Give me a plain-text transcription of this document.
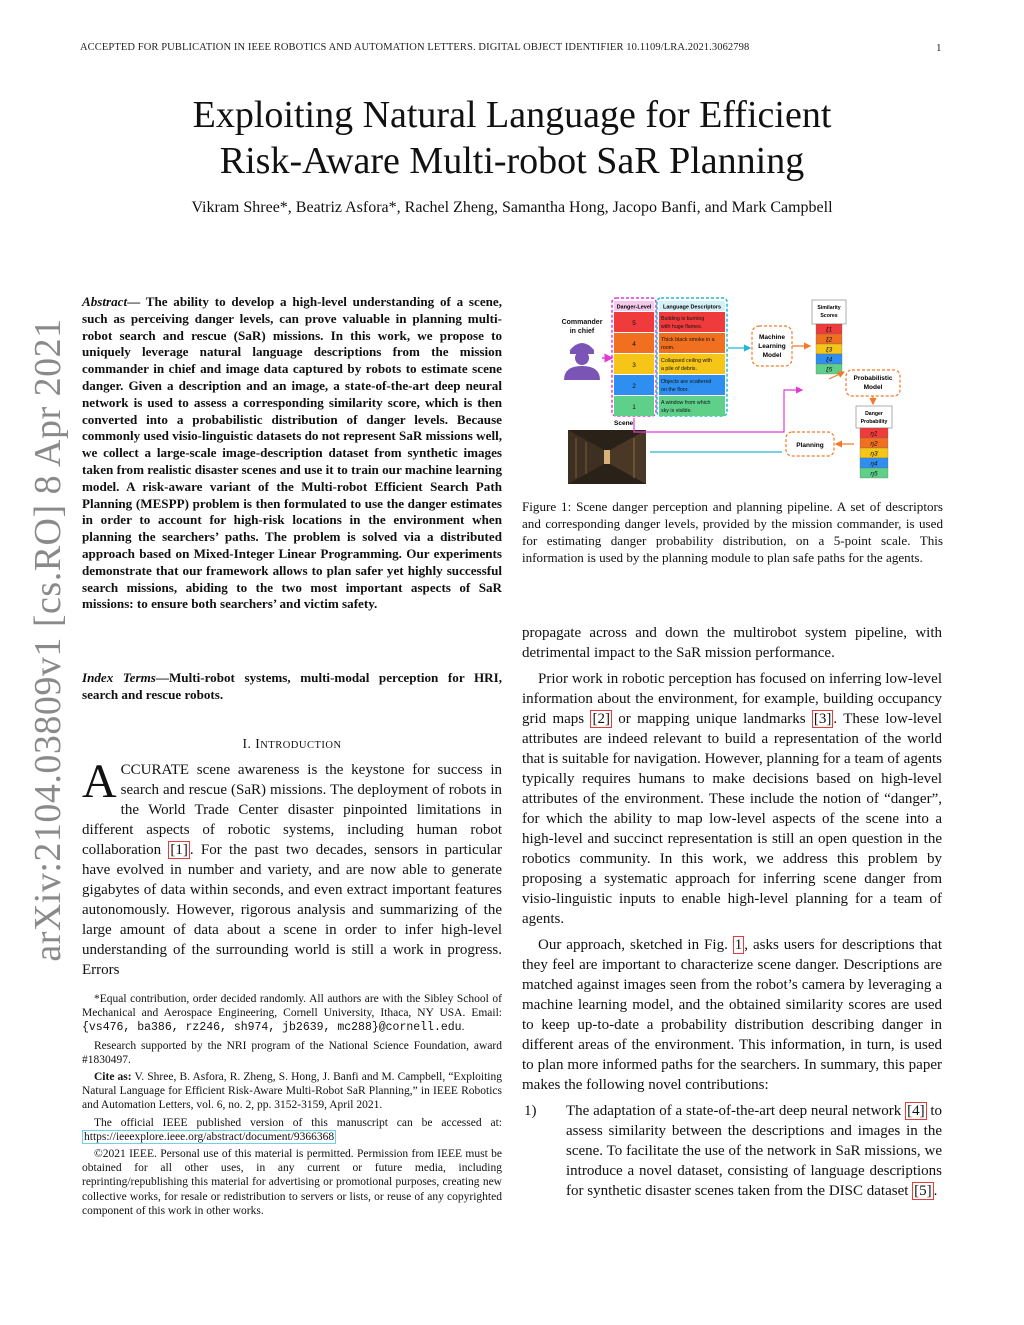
ACCEPTED FOR PUBLICATION IN IEEE ROBOTICS AND AUTOMATION LETTERS. DIGITAL OBJECT IDENTIFIER 10.1109/LRA.2021.3062798	1
Exploiting Natural Language for Efficient
Risk-Aware Multi-robot SaR Planning
Vikram Shree*, Beatriz Asfora*, Rachel Zheng, Samantha Hong, Jacopo Banfi, and Mark Campbell
arXiv:2104.03809v1 [cs.RO] 8 Apr 2021
Abstract— The ability to develop a high-level understanding of a scene, such as perceiving danger levels, can prove valuable in planning multi-robot search and rescue (SaR) missions. In this work, we propose to uniquely leverage natural language descriptions from the mission commander in chief and image data captured by robots to estimate scene danger. Given a description and an image, a state-of-the-art deep neural network is used to assess a corresponding similarity score, which is then converted into a probabilistic distribution of danger levels. Because commonly used visio-linguistic datasets do not represent SaR missions well, we collect a large-scale image-description dataset from synthetic images taken from realistic disaster scenes and use it to train our machine learning model. A risk-aware variant of the Multi-robot Efficient Search Path Planning (MESPP) problem is then formulated to use the danger estimates in order to account for high-risk locations in the environment when planning the searchers’ paths. The problem is solved via a distributed approach based on Mixed-Integer Linear Programming. Our experiments demonstrate that our framework allows to plan safer yet highly successful search missions, abiding to the two most important aspects of SaR missions: to ensure both searchers’ and victim safety.
Index Terms—Multi-robot systems, multi-modal perception for HRI, search and rescue robots.
I. INTRODUCTION
ACCURATE scene awareness is the keystone for success in search and rescue (SaR) missions. The deployment of robots in the World Trade Center disaster pinpointed limitations in different aspects of robotic systems, including human robot collaboration [1] . For the past two decades, sensors in particular have evolved in number and variety, and are now able to generate gigabytes of data within seconds, and even extract important features autonomously. However, rigorous analysis and summarizing of the large amount of data about a scene in order to infer high-level understanding of the surrounding world is still a work in progress. Errors

*Equal contribution, order decided randomly. All authors are with the Sibley School of Mechanical and Aerospace Engineering, Cornell University, Ithaca, NY USA. Email: {vs476, ba386, rz246, sh974, jb2639, mc288}@cornell.edu.

Research supported by the NRI program of the National Science Foundation, award #1830497.

Cite as: V. Shree, B. Asfora, R. Zheng, S. Hong, J. Banfi and M. Campbell, “Exploiting Natural Language for Efficient Risk-Aware Multi-Robot SaR Planning,” in IEEE Robotics and Automation Letters, vol. 6, no. 2, pp. 3152-3159, April 2021.

The official IEEE published version of this manuscript can be accessed at: https://ieeexplore.ieee.org/abstract/document/9366368

©2021 IEEE. Personal use of this material is permitted. Permission from IEEE must be obtained for all other uses, in any current or future media, including reprinting/republishing this material for advertising or promotional purposes, creating new collective works, for resale or redistribution to servers or lists, or reuse of any copyrighted component of this work in other works.

Commander
in chief
Danger-Level Language Descriptors
5
Building is burning
with huge flames.
4
Thick black smoke in a
room.
3
Collapsed ceiling with
a pile of debris.
2
Objects are scattered
on the floor.
1
A window from which
sky is visible.
Scene
Machine
Learning
Model
Similarity
Scores
ξ1
ξ2
ξ3
ξ4
ξ5
Probabilistic
Model
Danger
Probability
η1
η2
η3
η4
η5
Planning
Figure 1: Scene danger perception and planning pipeline. A set of descriptors and corresponding danger levels, provided by the mission commander, is used for estimating danger probability distribution, on a 5-point scale. This information is used by the planning module to plan safe paths for the agents.

propagate across and down the multirobot system pipeline, with detrimental impact to the SaR mission performance.

Prior work in robotic perception has focused on inferring low-level information about the environment, for example, building occupancy grid maps [2] or mapping unique landmarks [3] . These low-level attributes are indeed relevant to build a representation of the world that is suitable for navigation. However, planning for a team of agents typically requires humans to make decisions based on high-level attributes of the environment. These include the notion of “danger”, for which the ability to map low-level aspects of the scene into a high-level and succinct representation is still an open question in the robotics community. In this work, we address this problem by proposing a systematic approach for inferring scene danger from visio-linguistic inputs to enable high-level planning for a team of agents.

Our approach, sketched in Fig. 1 , asks users for descriptions that they feel are important to characterize scene danger. Descriptions are matched against images seen from the robot’s camera by leveraging a machine learning model, and the obtained similarity scores are used to keep up-to-date a probability distribution describing danger in different areas of the environment. This information, in turn, is used to plan more informed paths for the searchers. In summary, this paper makes the following novel contributions:

1)	The adaptation of a state-of-the-art deep neural network [4] to assess similarity between the descriptions and images in the scene. To facilitate the use of the network in SaR missions, we introduce a novel dataset, consisting of language descriptions for synthetic disaster scenes taken from the DISC dataset [5] .
